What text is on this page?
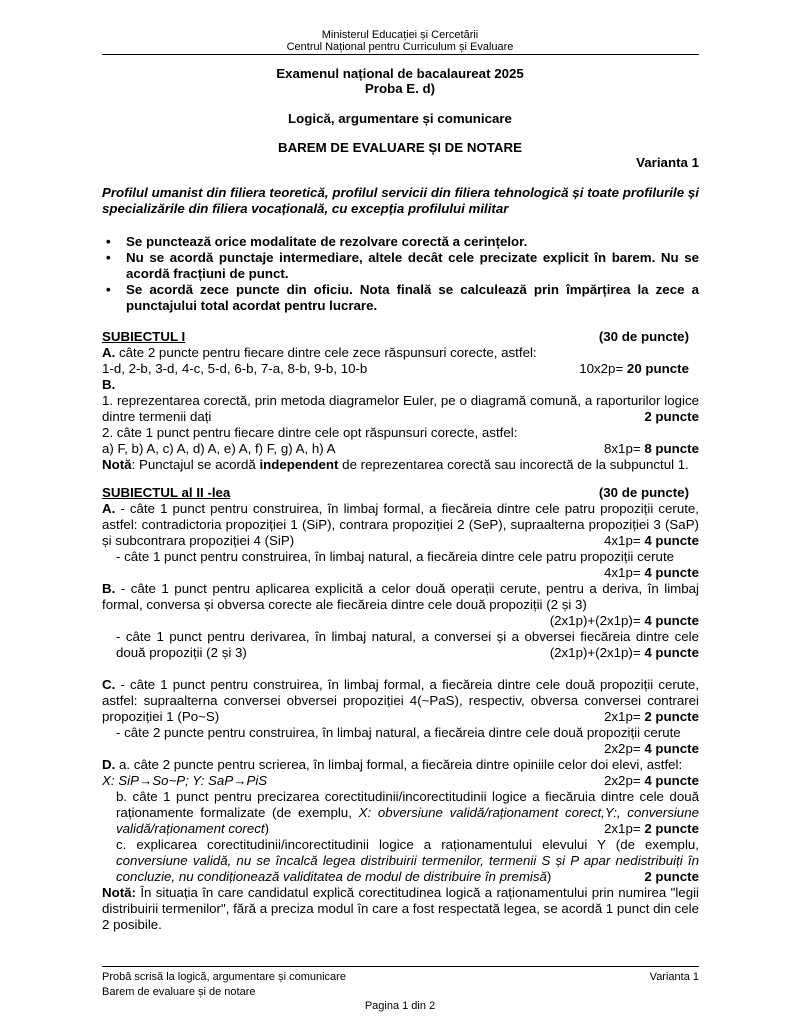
Ministerul Educației și Cercetării
Centrul Național pentru Curriculum și Evaluare
Examenul național de bacalaureat 2025
Proba E. d)
Logică, argumentare și comunicare
BAREM DE EVALUARE ȘI DE NOTARE
Varianta 1
Profilul umanist din filiera teoretică, profilul servicii din filiera tehnologică și toate profilurile și specializările din filiera vocațională, cu excepția profilului militar
• Se punctează orice modalitate de rezolvare corectă a cerințelor.
• Nu se acordă punctaje intermediare, altele decât cele precizate explicit în barem. Nu se acordă fracțiuni de punct.
• Se acordă zece puncte din oficiu. Nota finală se calculează prin împărțirea la zece a punctajului total acordat pentru lucrare.
SUBIECTUL I	(30 de puncte)
A. câte 2 puncte pentru fiecare dintre cele zece răspunsuri corecte, astfel:
1-d, 2-b, 3-d, 4-c, 5-d, 6-b, 7-a, 8-b, 9-b, 10-b	10x2p= 20 puncte
B.
1. reprezentarea corectă, prin metoda diagramelor Euler, pe o diagramă comună, a raporturilor logice dintre termenii dați	2 puncte
2. câte 1 punct pentru fiecare dintre cele opt răspunsuri corecte, astfel:
a) F, b) A, c) A, d) A, e) A, f) F, g) A, h) A	8x1p= 8 puncte
Notă: Punctajul se acordă independent de reprezentarea corectă sau incorectă de la subpunctul 1.
SUBIECTUL al II -lea	(30 de puncte)
A. - câte 1 punct pentru construirea, în limbaj formal, a fiecăreia dintre cele patru propoziții cerute, astfel: contradictoria propoziției 1 (SiP), contrara propoziției 2 (SeP), supraalterna propoziției 3 (SaP) și subcontrara propoziției 4 (SiP)	4x1p= 4 puncte
- câte 1 punct pentru construirea, în limbaj natural, a fiecăreia dintre cele patru propoziții cerute
4x1p= 4 puncte
B. - câte 1 punct pentru aplicarea explicită a celor două operații cerute, pentru a deriva, în limbaj formal, conversa și obversa corecte ale fiecăreia dintre cele două propoziții (2 și 3)
(2x1p)+(2x1p)= 4 puncte
- câte 1 punct pentru derivarea, în limbaj natural, a conversei și a obversei fiecăreia dintre cele două propoziții (2 și 3)	(2x1p)+(2x1p)= 4 puncte
C. - câte 1 punct pentru construirea, în limbaj formal, a fiecăreia dintre cele două propoziții cerute, astfel: supraalterna conversei obversei propoziției 4(~PaS), respectiv, obversa conversei contrarei propoziției 1 (Po~S)	2x1p= 2 puncte
- câte 2 puncte pentru construirea, în limbaj natural, a fiecăreia dintre cele două propoziții cerute
2x2p= 4 puncte
D. a. câte 2 puncte pentru scrierea, în limbaj formal, a fiecăreia dintre opiniile celor doi elevi, astfel:
X: SiP→So~P; Y: SaP→PiS	2x2p= 4 puncte
b. câte 1 punct pentru precizarea corectitudinii/incorectitudinii logice a fiecăruia dintre cele două raționamente formalizate (de exemplu, X: obversiune validă/raționament corect,Y:, conversiune validă/raționament corect)	2x1p= 2 puncte
c. explicarea corectitudinii/incorectitudinii logice a raționamentului elevului Y (de exemplu, conversiune validă, nu se încalcă legea distribuirii termenilor, termenii S și P apar nedistribuiți în concluzie, nu condiționează validitatea de modul de distribuire în premisă)	2 puncte
Notă: În situația în care candidatul explică corectitudinea logică a raționamentului prin numirea "legii distribuirii termenilor", fără a preciza modul în care a fost respectată legea, se acordă 1 punct din cele 2 posibile.
Probă scrisă la logică, argumentare și comunicare	Varianta 1
Barem de evaluare și de notare
Pagina 1 din 2
